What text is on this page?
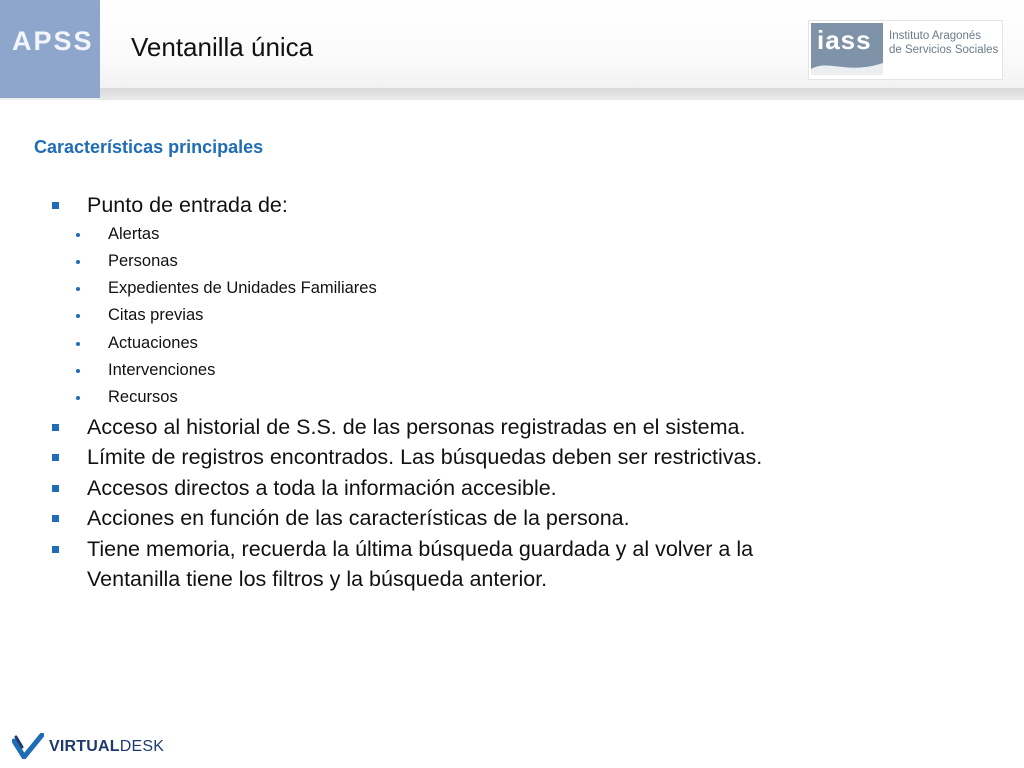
APSS Ventanilla única	iass Instituto Aragonés
de Servicios Sociales
Características principales
Punto de entrada de:
Alertas
Personas
Expedientes de Unidades Familiares
Citas previas
Actuaciones
Intervenciones
Recursos
Acceso al historial de S.S. de las personas registradas en el sistema.
Límite de registros encontrados. Las búsquedas deben ser restrictivas.
Accesos directos a toda la información accesible.
Acciones en función de las características de la persona.
Tiene memoria, recuerda la última búsqueda guardada y al volver a la
Ventanilla tiene los filtros y la búsqueda anterior.
VIRTUALDESK
